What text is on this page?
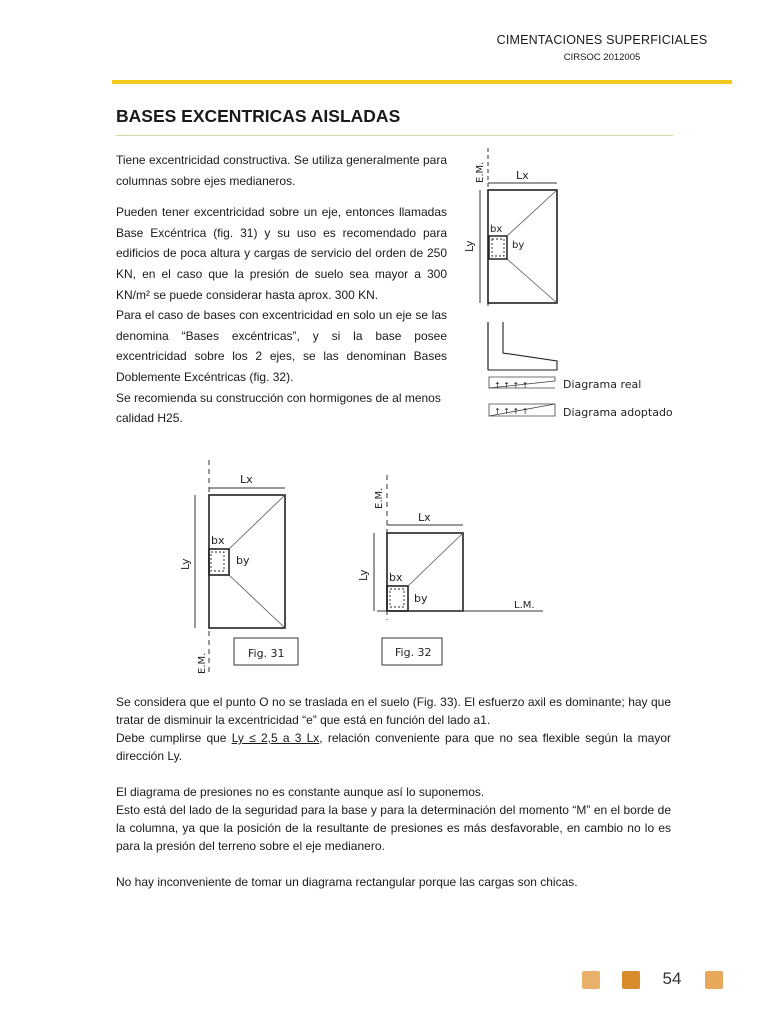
CIMENTACIONES SUPERFICIALES
CIRSOC 2012005
BASES EXCENTRICAS AISLADAS

Tiene excentricidad constructiva. Se utiliza generalmente para columnas sobre ejes medianeros.

Pueden tener excentricidad sobre un eje, entonces llamadas Base Excéntrica (fig. 31) y su uso es recomendado para edificios de poca altura y cargas de servicio del orden de 250 KN, en el caso que la presión de suelo sea mayor a 300 KN/m² se puede considerar hasta aprox. 300 KN.

Para el caso de bases con excentricidad en solo un eje se las denomina “Bases excéntricas”, y si la base posee excentricidad sobre los 2 ejes, se las denominan Bases Doblemente Excéntricas (fig. 32).

Se recomienda su construcción con hormigones de al menos calidad H25.

E.M.	Lx
Ly
bx
by
↑ ↑ ↑ ↑	Diagrama real
↑ ↑ ↑ ↑	Diagrama adoptado
Lx
Ly
bx
by
E.M.	Fig. 31
E.M.
Lx
Ly bx
by
L.M.
Fig. 32

Se considera que el punto O no se traslada en el suelo (Fig. 33). El esfuerzo axil es dominante; hay que tratar de disminuir la excentricidad “e” que está en función del lado a1.

Debe cumplirse que Ly ≤ 2,5 a 3 Lx, relación conveniente para que no sea flexible según la mayor dirección Ly.

El diagrama de presiones no es constante aunque así lo suponemos.

Esto está del lado de la seguridad para la base y para la determinación del momento “M” en el borde de la columna, ya que la posición de la resultante de presiones es más desfavorable, en cambio no lo es para la presión del terreno sobre el eje medianero.

No hay inconveniente de tomar un diagrama rectangular porque las cargas son chicas.

54
